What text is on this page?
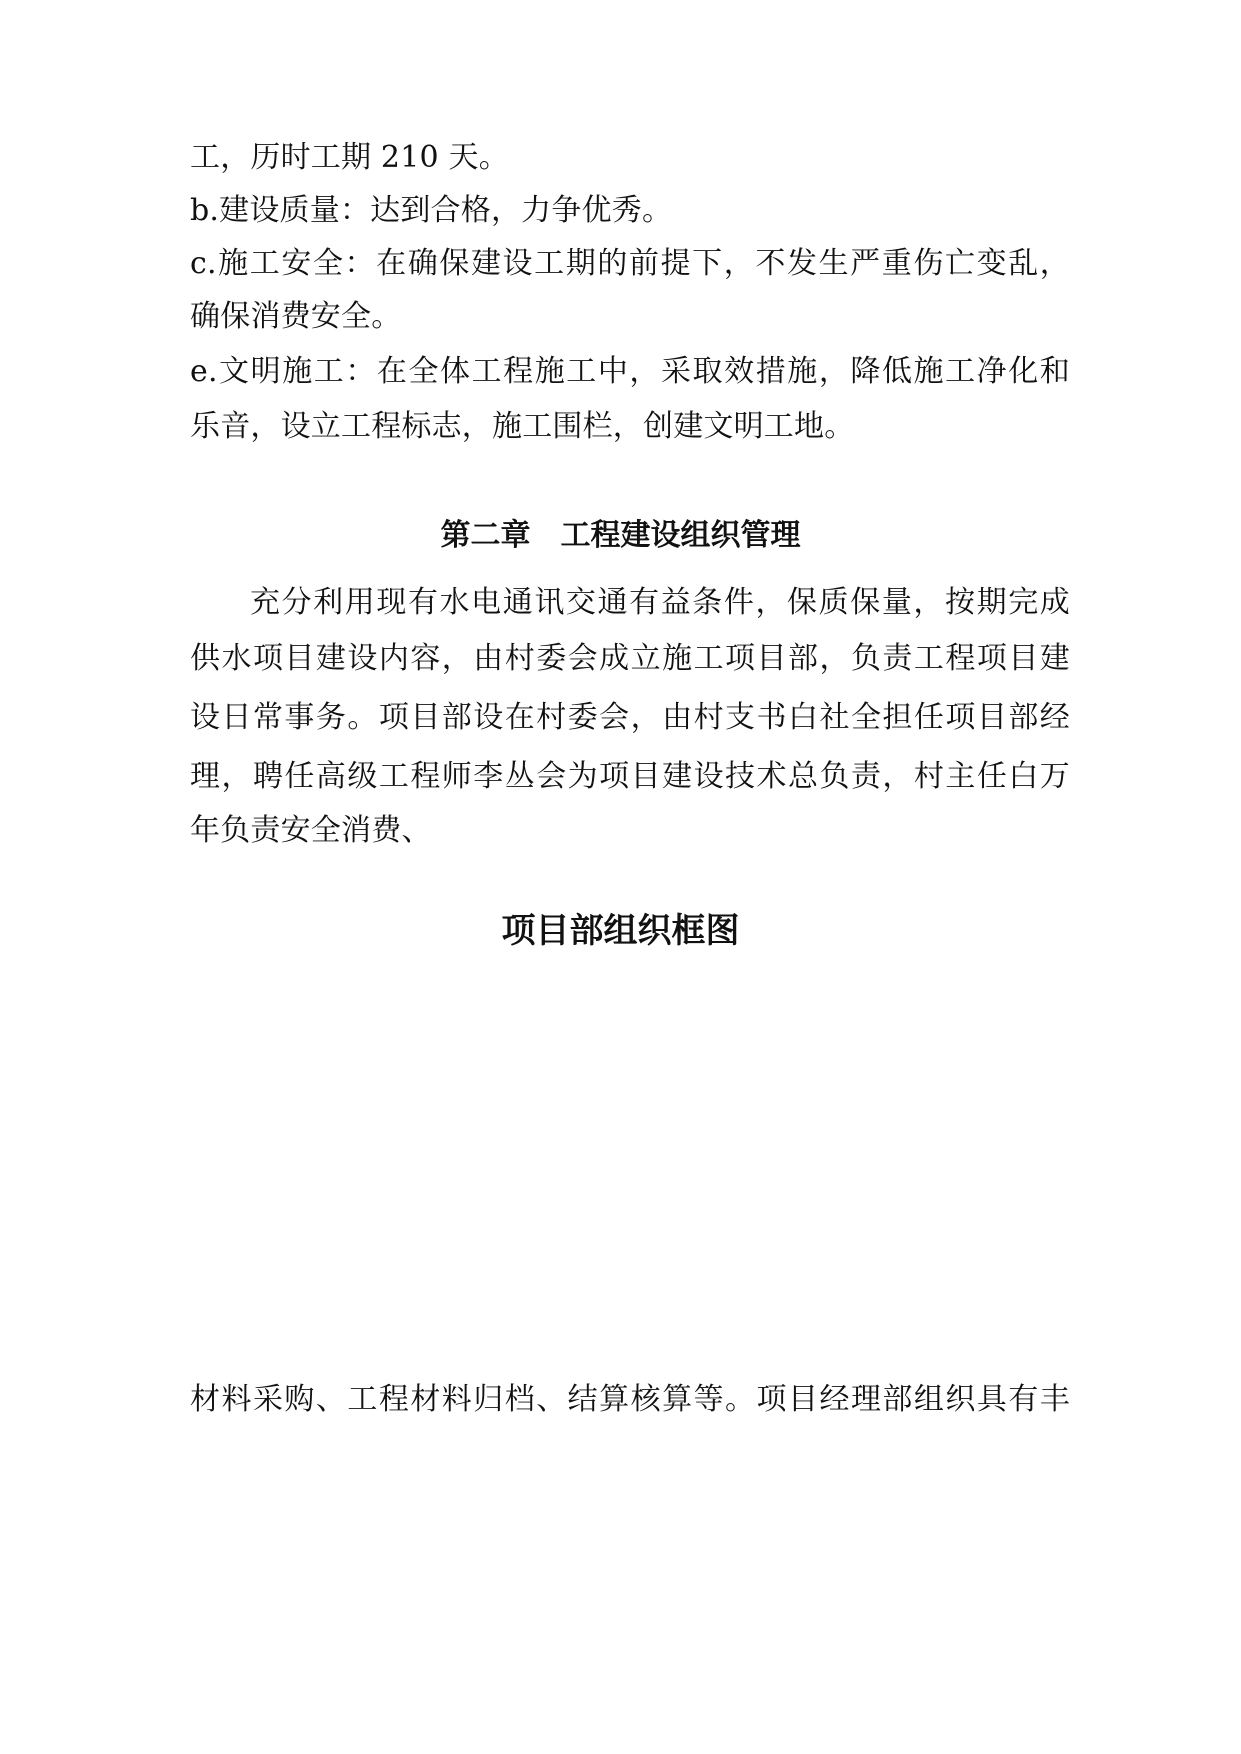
工，历时工期 210 天。
b.建设质量：达到合格，力争优秀。
c.施工安全：在确保建设工期的前提下，不发生严重伤亡变乱，
确保消费安全。
e.文明施工：在全体工程施工中，采取效措施，降低施工净化和
乐音，设立工程标志，施工围栏，创建文明工地。
第二章　工程建设组织管理
充分利用现有水电通讯交通有益条件，保质保量，按期完成
供水项目建设内容，由村委会成立施工项目部，负责工程项目建
设日常事务。项目部设在村委会，由村支书白社全担任项目部经
理，聘任高级工程师李丛会为项目建设技术总负责，村主任白万
年负责安全消费、
项目部组织框图
材料采购、工程材料归档、结算核算等。项目经理部组织具有丰
